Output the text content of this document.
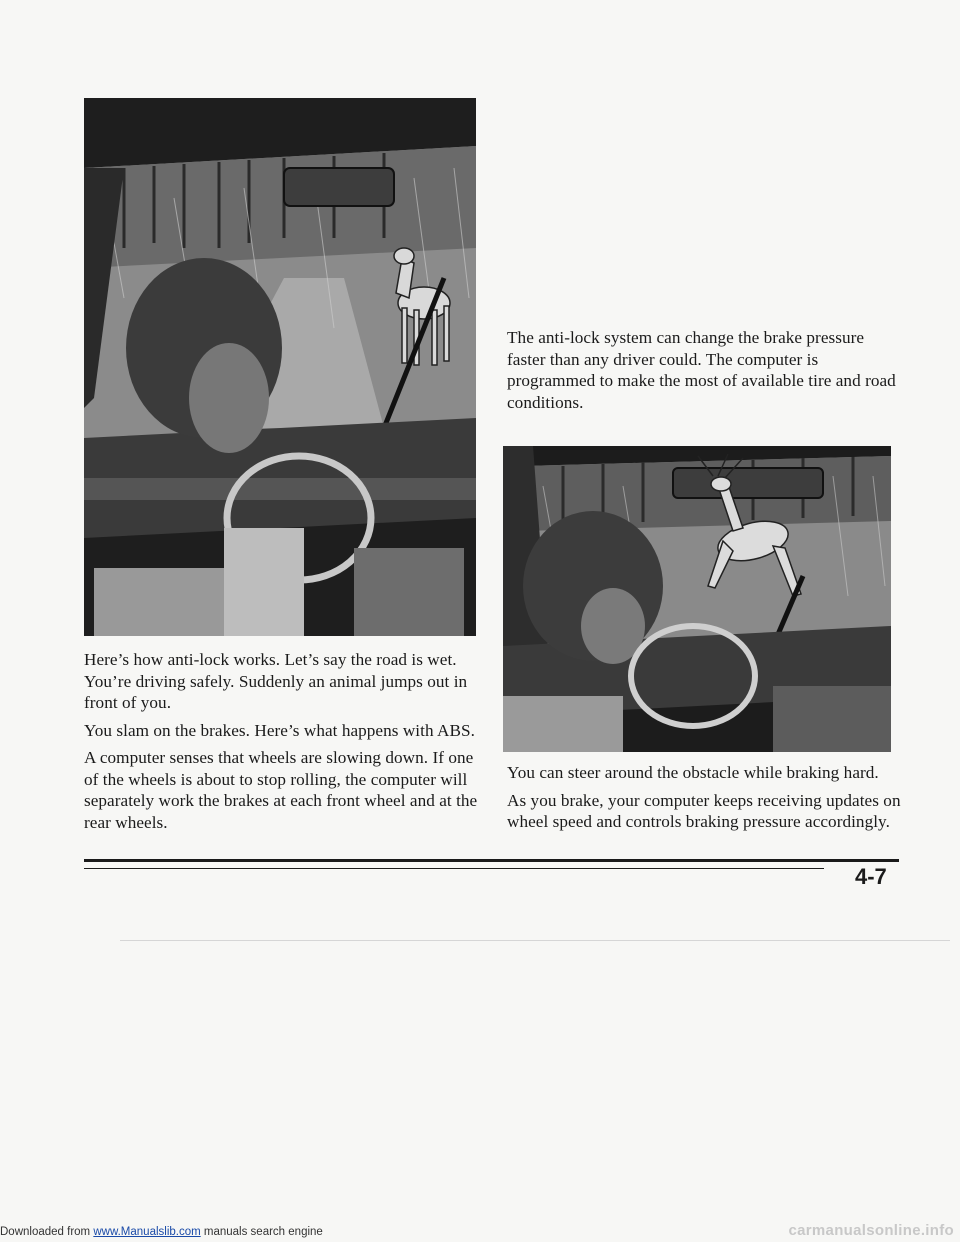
Here’s how anti-lock works. Let’s say the road is wet. You’re driving safely. Suddenly an animal jumps out in front of you.

You slam on the brakes. Here’s what happens with ABS.

A computer senses that wheels are slowing down. If one of the wheels is about to stop rolling, the computer will separately work the brakes at each front wheel and at the rear wheels.

The anti-lock system can change the brake pressure faster than any driver could. The computer is programmed to make the most of available tire and road conditions.

You can steer around the obstacle while braking hard.

As you brake, your computer keeps receiving updates on wheel speed and controls braking pressure accordingly.

4-7
Downloaded from www.Manualslib.com manuals search engine	carmanualsonline.info
